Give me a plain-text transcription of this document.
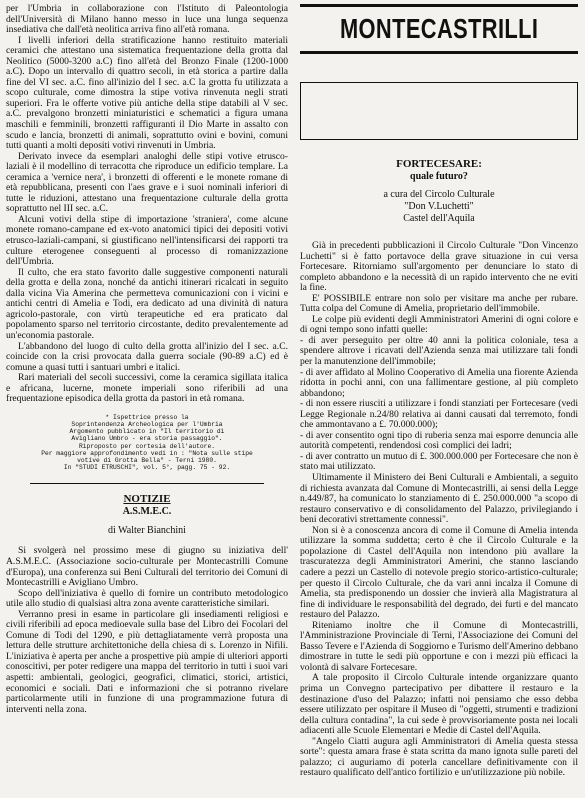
per l'Umbria in collaborazione con l'Istituto di Paleontologia dell'Università di Milano hanno messo in luce una lunga sequenza insediativa che dall'età neolitica arriva fino all'età romana.

I livelli inferiori della stratificazione hanno restituito materiali ceramici che attestano una sistematica frequentazione della grotta dal Neolitico (5000-3200 a.C) fino all'età del Bronzo Finale (1200-1000 a.C). Dopo un intervallo di quattro secoli, in età storica a partire dalla fine del VI sec. a.C. fino all'inizio del I sec. a.C la grotta fu utilizzata a scopo culturale, come dimostra la stipe votiva rinvenuta negli strati superiori. Fra le offerte votive più antiche della stipe databili al V sec. a.C. prevalgono bronzetti miniaturistici e schematici a figura umana maschili e femminili, bronzetti raffiguranti il Dio Marte in assalto con scudo e lancia, bronzetti di animali, soprattutto ovini e bovini, comuni tutti quanti a molti depositi votivi rinvenuti in Umbria.

Derivato invece da esemplari analoghi delle stipi votive etrusco-laziali è il modellino di terracotta che riproduce un edificio templare. La ceramica a 'vernice nera', i bronzetti di offerenti e le monete romane di età repubblicana, presenti con l'aes grave e i suoi nominali inferiori di tutte le riduzioni, attestano una frequentazione culturale della grotta soprattutto nel III sec. a.C.

Alcuni votivi della stipe di importazione 'straniera', come alcune monete romano-campane ed ex-voto anatomici tipici dei depositi votivi etrusco-laziali-campani, si giustificano nell'intensificarsi dei rapporti tra culture eterogenee conseguenti al processo di romanizzazione dell'Umbria.

Il culto, che era stato favorito dalle suggestive componenti naturali della grotta e della zona, nonché da antichi itinerari ricalcati in seguito dalla vicina Via Amerina che permetteva comunicazioni con i vicini e antichi centri di Amelia e Todi, era dedicato ad una divinità di natura agricolo-pastorale, con virtù terapeutiche ed era praticato dal popolamento sparso nel territorio circostante, dedito prevalentemente ad un'economia pastorale.

L'abbandono del luogo di culto della grotta all'inizio del I sec. a.C. coincide con la crisi provocata dalla guerra sociale (90-89 a.C) ed è comune a quasi tutti i santuari umbri e italici.

Rari materiali del secoli successivi, come la ceramica sigillata italica e africana, lucerne, monete imperiali sono riferibili ad una frequentazione episodica della grotta da pastori in età romana.

* Ispettrice presso la
Soprintendenza Archeologica per l'Umbria
Argomento pubblicato in "Il territorio di
Avigliano Umbro - era storia passaggio".
Riproposto per cortesia dell'autore.
Per maggiore approfondimento vedi in : "Nota sulle stipe
votive di Grotta Bella" - Terni 1980.
In "STUDI ETRUSCHI", vol. 5°, pagg. 75 - 92.
NOTIZIE
A.S.M.E.C.
di Walter Bianchini

Si svolgerà nel prossimo mese di giugno su iniziativa dell' A.S.M.E.C. (Associazione socio-culturale per Montecastrilli Comune d'Europa), una conferenza sui Beni Culturali del territorio dei Comuni di Montecastrilli e Avigliano Umbro.

Scopo dell'iniziativa è quello di fornire un contributo metodologico utile allo studio di qualsiasi altra zona avente caratteristiche similari.

Verranno presi in esame in particolare gli insediamenti religiosi e civili riferibili ad epoca medioevale sulla base del Libro dei Focolari del Comune di Todi del 1290, e più dettagliatamente verrà proposta una lettura delle strutture architettoniche della chiesa di s. Lorenzo in Nifili. L'iniziativa è aperta per anche a prospettive più ampie di ulteriori apporti conoscitivi, per poter redigere una mappa del territorio in tutti i suoi vari aspetti: ambientali, geologici, geografici, climatici, storici, artistici, economici e sociali. Dati e informazioni che si potranno rivelare particolarmente utili in funzione di una programmazione futura di interventi nella zona.

MONTECASTRILLI
FORTECESARE:
quale futuro?
a cura del Circolo Culturale
"Don V.Luchetti"
Castel dell'Aquila

Già in precedenti pubblicazioni il Circolo Culturale "Don Vincenzo Luchetti" si è fatto portavoce della grave situazione in cui versa Fortecesare. Ritorniamo sull'argomento per denunciare lo stato di completo abbandono e la necessità di un rapido intervento che ne eviti la fine.

E' POSSIBILE entrare non solo per visitare ma anche per rubare. Tutta colpa del Comune di Amelia, proprietario dell'immobile.

Le colpe più evidenti degli Amministratori Amerini di ogni colore e di ogni tempo sono infatti quelle:

- di aver perseguito per oltre 40 anni la politica coloniale, tesa a spendere altrove i ricavati dell'Azienda senza mai utilizzare tali fondi per la manutenzione dell'immobile;

- di aver affidato al Molino Cooperativo di Amelia una fiorente Azienda ridotta in pochi anni, con una fallimentare gestione, al più completo abbandono;

- di non essere riusciti a utilizzare i fondi stanziati per Fortecesare (vedi Legge Regionale n.24/80 relativa ai danni causati dal terremoto, fondi che ammontavano a £. 70.000.000);

- di aver consentito ogni tipo di ruberia senza mai esporre denuncia alle autorità competenti, rendendosi così complici dei ladri;

- di aver contratto un mutuo di £. 300.000.000 per Fortecesare che non è stato mai utilizzato.

Ultimamente il Ministero dei Beni Culturali e Ambientali, a seguito di richiesta avanzata dal Comune di Montecastrilli, ai sensi della Legge n.449/87, ha comunicato lo stanziamento di £. 250.000.000 "a scopo di restauro conservativo e di consolidamento del Palazzo, privilegiando i beni decorativi strettamente connessi".

Non si è a conoscenza ancora di come il Comune di Amelia intenda utilizzare la somma suddetta; certo è che il Circolo Culturale e la popolazione di Castel dell'Aquila non intendono più avallare la trascuratezza degli Amministratori Amerini, che stanno lasciando cadere a pezzi un Castello di notevole pregio storico-artistico-culturale; per questo il Circolo Culturale, che da vari anni incalza il Comune di Amelia, sta predisponendo un dossier che invierà alla Magistratura al fine di individuare le responsabilità del degrado, dei furti e del mancato restauro del Palazzo.

Riteniamo inoltre che il Comune di Montecastrilli, l'Amministrazione Provinciale di Terni, l'Associazione dei Comuni del Basso Tevere e l'Azienda di Soggiorno e Turismo dell'Amerino debbano dimostrare in tutte le sedi più opportune e con i mezzi più efficaci la volontà di salvare Fortecesare.

A tale proposito il Circolo Culturale intende organizzare quanto prima un Convegno partecipativo per dibattere il restauro e la destinazione d'uso del Palazzo; infatti noi pensiamo che esso debba essere utilizzato per ospitare il Museo di "oggetti, strumenti e tradizioni della cultura contadina", la cui sede è provvisoriamente posta nei locali adiacenti alle Scuole Elementari e Medie di Castel dell'Aquila.

"Angelo Ciatti augura agli Amministratori di Amelia questa stessa sorte": questa amara frase è stata scritta da mano ignota sulle pareti del palazzo; ci auguriamo di poterla cancellare definitivamente con il restauro qualificato dell'antico fortilizio e un'utilizzazione più nobile.
